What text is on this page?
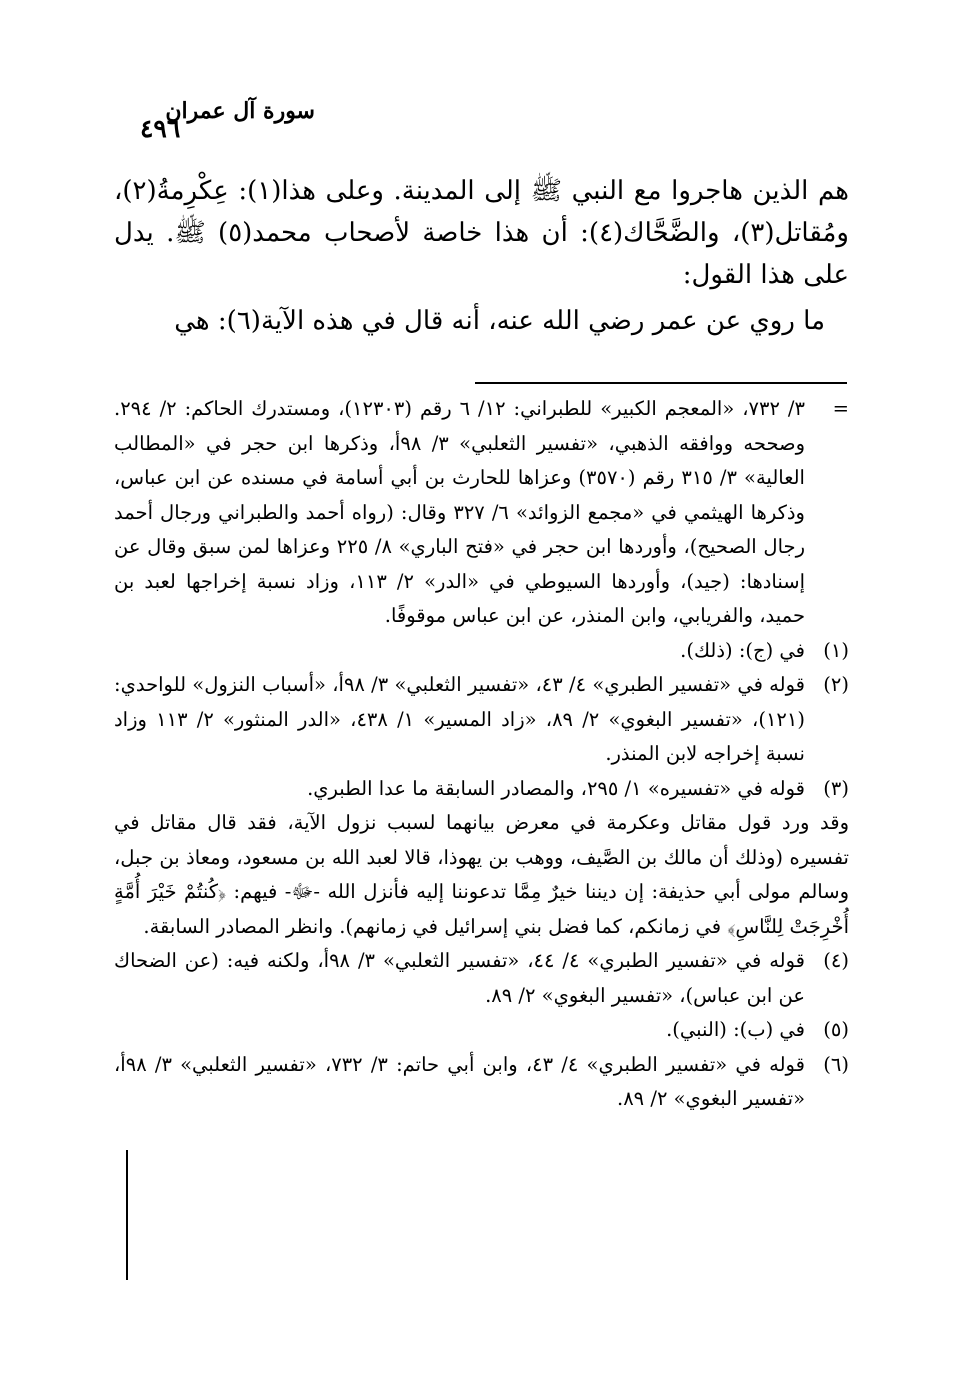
سورة آل عمران
٤٩٦

هم الذين هاجروا مع النبي ﷺ إلى المدينة. وعلى هذا(١): عِكْرِمةُ(٢)، ومُقاتل(٣)، والضَّحَّاك(٤): أن هذا خاصة لأصحاب محمد(٥) ﷺ. يدل على هذا القول:

ما روي عن عمر رضي الله عنه، أنه قال في هذه الآية(٦): هي

=
٣/ ٧٣٢، «المعجم الكبير» للطبراني: ١٢/ ٦ رقم (١٢٣٠٣)، ومستدرك الحاكم: ٢/ ٢٩٤. وصححه ووافقه الذهبي، «تفسير الثعلبي» ٣/ ٩٨أ، وذكرها ابن حجر في «المطالب العالية» ٣/ ٣١٥ رقم (٣٥٧٠) وعزاها للحارث بن أبي أسامة في مسنده عن ابن عباس، وذكرها الهيثمي في «مجمع الزوائد» ٦/ ٣٢٧ وقال: (رواه أحمد والطبراني ورجال أحمد رجال الصحيح)، وأوردها ابن حجر في «فتح الباري» ٨/ ٢٢٥ وعزاها لمن سبق وقال عن إسنادها: (جيد)، وأوردها السيوطي في «الدر» ٢/ ١١٣، وزاد نسبة إخراجها لعبد بن حميد، والفريابي، وابن المنذر، عن ابن عباس موقوفًا.
(١)
في (ج): (ذلك).
(٢)
قوله في «تفسير الطبري» ٤/ ٤٣، «تفسير الثعلبي» ٣/ ٩٨أ، «أسباب النزول» للواحدي: (١٢١)، «تفسير البغوي» ٢/ ٨٩، «زاد المسير» ١/ ٤٣٨، «الدر المنثور» ٢/ ١١٣ وزاد نسبة إخراجه لابن المنذر.
(٣)
قوله في «تفسيره» ١/ ٢٩٥، والمصادر السابقة ما عدا الطبري.
وقد ورد قول مقاتل وعكرمة في معرض بيانهما لسبب نزول الآية، فقد قال مقاتل في تفسيره (وذلك أن مالك بن الصَّيف، ووهب بن يهوذا، قالا لعبد الله بن مسعود، ومعاذ بن جبل، وسالم مولى أبي حذيفة: إن ديننا خيرٌ مِمَّا تدعوننا إليه فأنزل الله -ﷻ- فيهم: ﴿كُنتُمْ خَيْرَ أُمَّةٍ أُخْرِجَتْ لِلنَّاسِ﴾ في زمانكم، كما فضل بني إسرائيل في زمانهم). وانظر المصادر السابقة.
(٤)
قوله في «تفسير الطبري» ٤/ ٤٤، «تفسير الثعلبي» ٣/ ٩٨أ، ولكنه فيه: (عن الضحاك عن ابن عباس)، «تفسير البغوي» ٢/ ٨٩.
(٥)
في (ب): (النبي).
(٦)
قوله في «تفسير الطبري» ٤/ ٤٣، وابن أبي حاتم: ٣/ ٧٣٢، «تفسير الثعلبي» ٣/ ٩٨أ، «تفسير البغوي» ٢/ ٨٩.
